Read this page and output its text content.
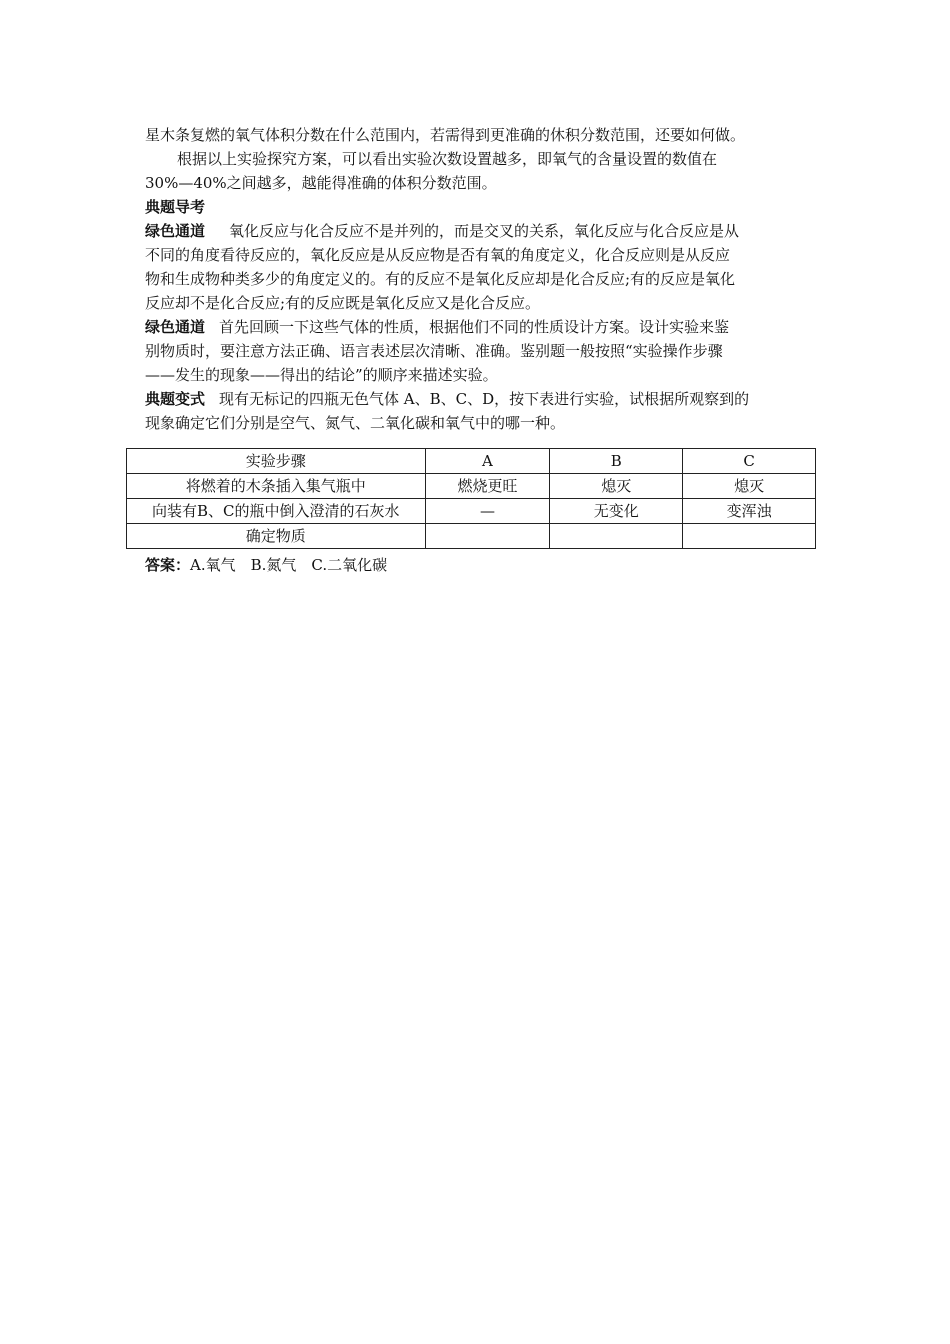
星木条复燃的氧气体积分数在什么范围内，若需得到更准确的休积分数范围，还要如何做。

根据以上实验探究方案，可以看出实验次数设置越多，即氧气的含量设置的数值在

30%—40%之间越多，越能得准确的体积分数范围。

典题导考

绿色通道 氧化反应与化合反应不是并列的，而是交叉的关系，氧化反应与化合反应是从

不同的角度看待反应的，氧化反应是从反应物是否有氧的角度定义，化合反应则是从反应

物和生成物种类多少的角度定义的。有的反应不是氧化反应却是化合反应;有的反应是氧化

反应却不是化合反应;有的反应既是氧化反应又是化合反应。

绿色通道 首先回顾一下这些气体的性质，根据他们不同的性质设计方案。设计实验来鉴

别物质时，要注意方法正确、语言表述层次清晰、准确。鉴别题一般按照“实验操作步骤

——发生的现象——得出的结论”的顺序来描述实验。

典题变式 现有无标记的四瓶无色气体 A、B、C、D，按下表进行实验，试根据所观察到的

现象确定它们分别是空气、氮气、二氧化碳和氧气中的哪一种。

实验步骤	A	B	C
将燃着的木条插入集气瓶中	燃烧更旺	熄灭	熄灭
向装有B、C的瓶中倒入澄清的石灰水	—	无变化	变浑浊
确定物质			
答案：A.氧气　B.氮气　C.二氧化碳
